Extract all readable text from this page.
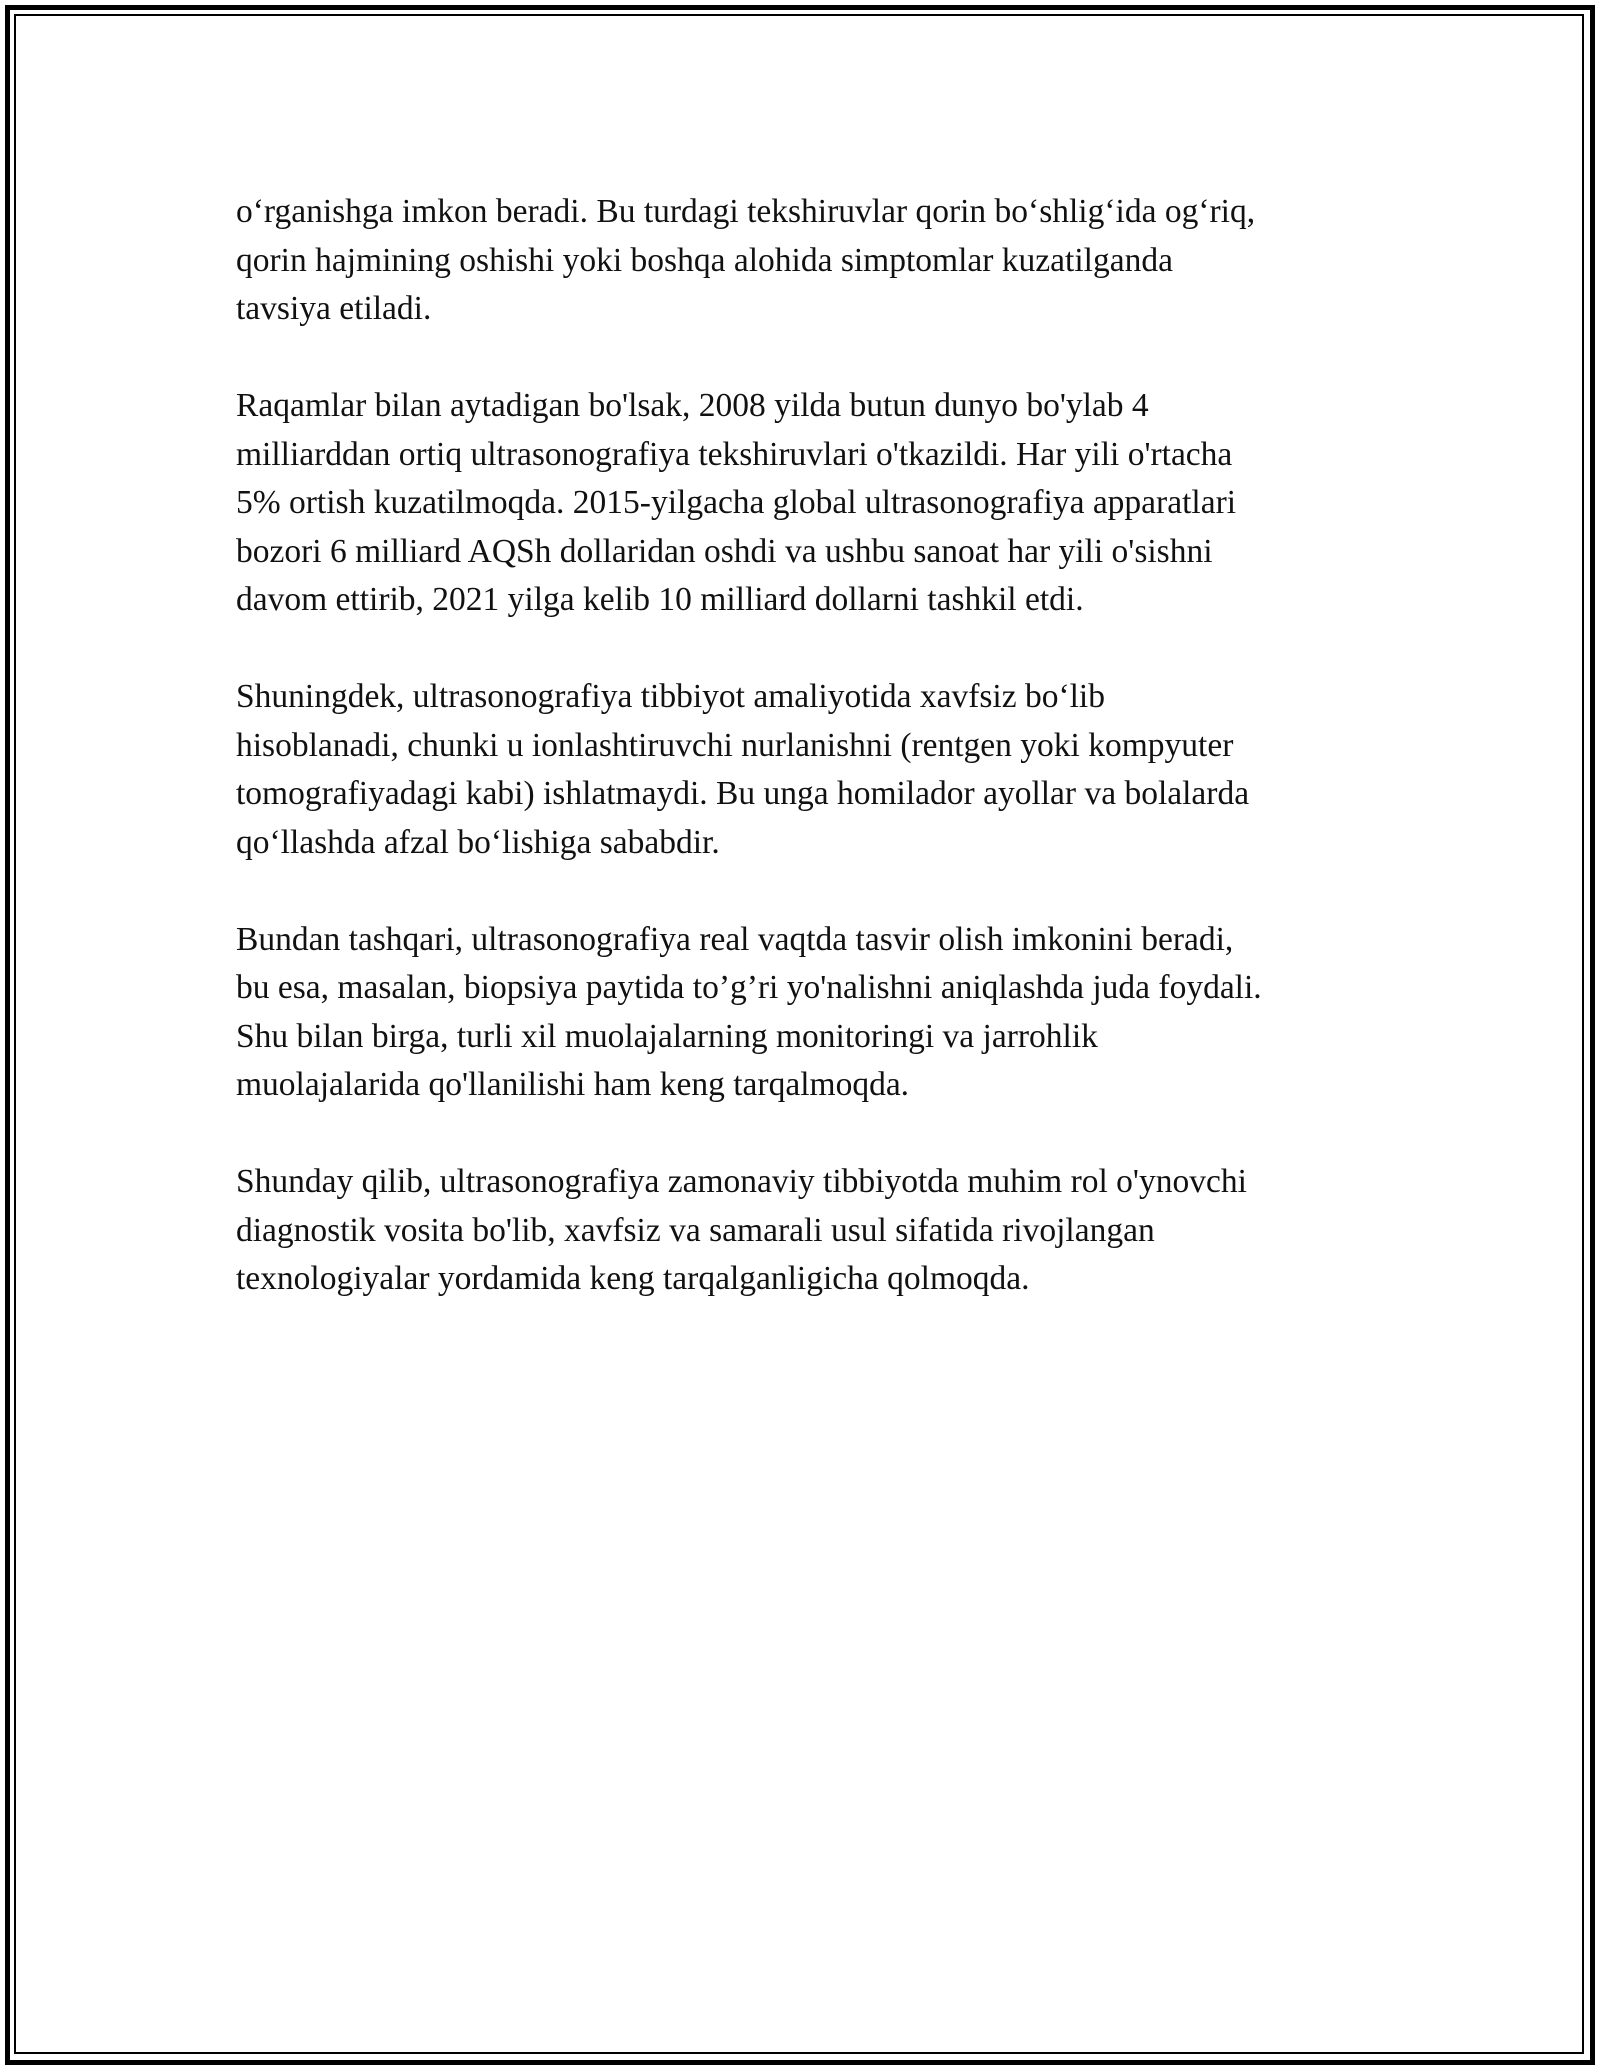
o‘rganishga imkon beradi. Bu turdagi tekshiruvlar qorin bo‘shlig‘ida og‘riq,
qorin hajmining oshishi yoki boshqa alohida simptomlar kuzatilganda
tavsiya etiladi.

Raqamlar bilan aytadigan bo'lsak, 2008 yilda butun dunyo bo'ylab 4
milliarddan ortiq ultrasonografiya tekshiruvlari o'tkazildi. Har yili o'rtacha
5% ortish kuzatilmoqda. 2015-yilgacha global ultrasonografiya apparatlari
bozori 6 milliard AQSh dollaridan oshdi va ushbu sanoat har yili o'sishni
davom ettirib, 2021 yilga kelib 10 milliard dollarni tashkil etdi.

Shuningdek, ultrasonografiya tibbiyot amaliyotida xavfsiz bo‘lib
hisoblanadi, chunki u ionlashtiruvchi nurlanishni (rentgen yoki kompyuter
tomografiyadagi kabi) ishlatmaydi. Bu unga homilador ayollar va bolalarda
qo‘llashda afzal bo‘lishiga sababdir.

Bundan tashqari, ultrasonografiya real vaqtda tasvir olish imkonini beradi,
bu esa, masalan, biopsiya paytida to’g’ri yo'nalishni aniqlashda juda foydali.
Shu bilan birga, turli xil muolajalarning monitoringi va jarrohlik
muolajalarida qo'llanilishi ham keng tarqalmoqda.

Shunday qilib, ultrasonografiya zamonaviy tibbiyotda muhim rol o'ynovchi
diagnostik vosita bo'lib, xavfsiz va samarali usul sifatida rivojlangan
texnologiyalar yordamida keng tarqalganligicha qolmoqda.
